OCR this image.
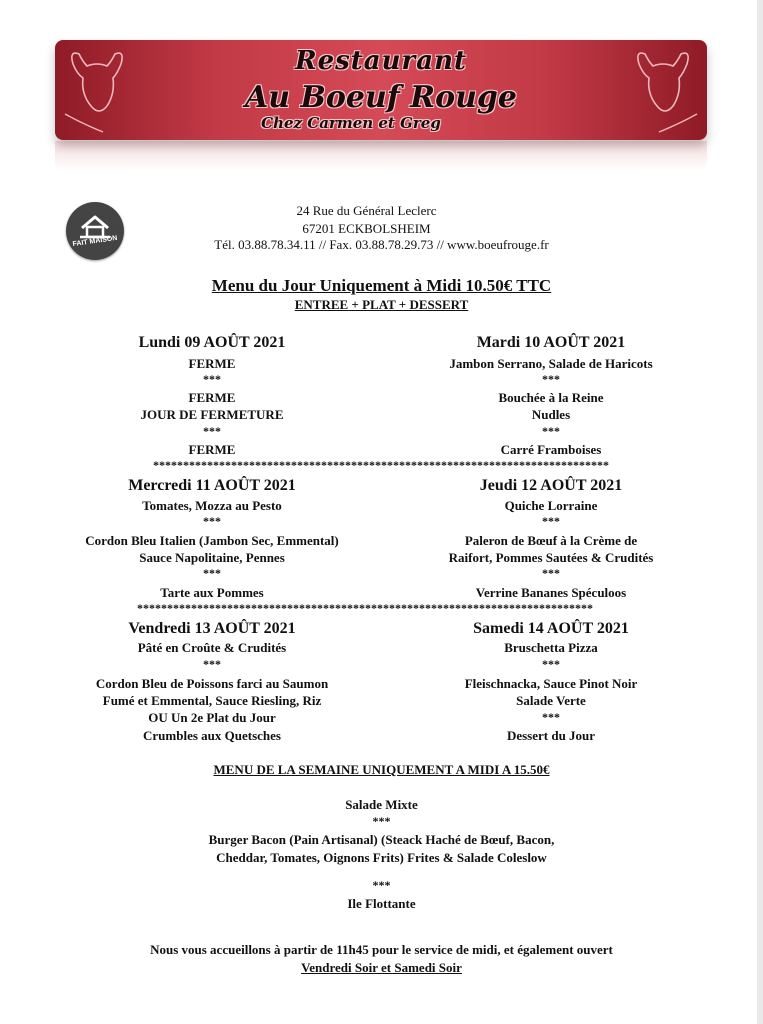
Restaurant
Au Boeuf Rouge
Chez Carmen et Greg
FAIT MAISON
24 Rue du Général Leclerc
67201 ECKBOLSHEIM
Tél. 03.88.78.34.11 // Fax. 03.88.78.29.73 // www.boeufrouge.fr
Menu du Jour Uniquement à Midi 10.50€ TTC
ENTREE + PLAT + DESSERT
Lundi 09 AOÛT 2021
FERME
***
FERME
JOUR DE FERMETURE
***
FERME
Mardi 10 AOÛT 2021
Jambon Serrano, Salade de Haricots
***
Bouchée à la Reine
Nudles
***
Carré Framboises
****************************************************************************
Mercredi 11 AOÛT 2021
Tomates, Mozza au Pesto
***
Cordon Bleu Italien (Jambon Sec, Emmental)
Sauce Napolitaine, Pennes
***
Tarte aux Pommes
Jeudi 12 AOÛT 2021
Quiche Lorraine
***
Paleron de Bœuf à la Crème de
Raifort, Pommes Sautées & Crudités
***
Verrine Bananes Spéculoos
****************************************************************************
Vendredi 13 AOÛT 2021
Pâté en Croûte & Crudités
***
Cordon Bleu de Poissons farci au Saumon
Fumé et Emmental, Sauce Riesling, Riz
OU Un 2e Plat du Jour
Crumbles aux Quetsches
Samedi 14 AOÛT 2021
Bruschetta Pizza
***
Fleischnacka, Sauce Pinot Noir
Salade Verte
***
Dessert du Jour
MENU DE LA SEMAINE UNIQUEMENT A MIDI A 15.50€
Salade Mixte
***
Burger Bacon (Pain Artisanal) (Steack Haché de Bœuf, Bacon,
Cheddar, Tomates, Oignons Frits) Frites & Salade Coleslow
***
Ile Flottante
Nous vous accueillons à partir de 11h45 pour le service de midi, et également ouvert
Vendredi Soir et Samedi Soir
